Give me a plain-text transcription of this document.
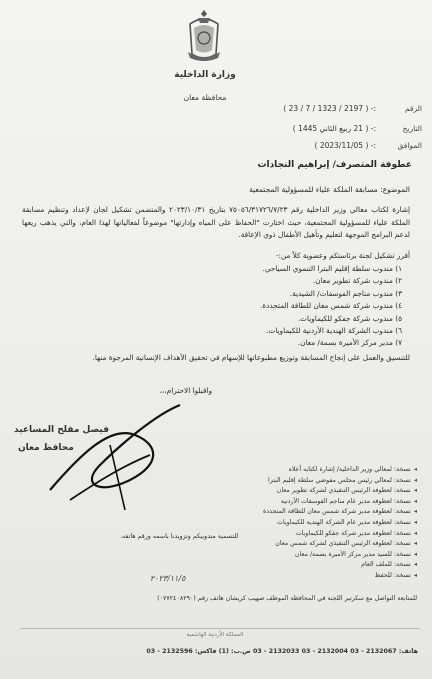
وزارة الداخلية
محافظة معان
الرقم
:- ( 2197 / 1323 / 7 / 23 )
التاريخ
:- ( 21 ربيع الثاني 1445 )
الموافق
:- ( 2023/11/05 )
عطوفة المتصرف/ إبراهيم النجادات
الموضوع: مسابقة الملكة علياء للمسؤولية المجتمعية
إشارة لكتاب معالي وزير الداخلية رقم ٧٥٠٥٦/٣١٧٢٦/٧/٢٣ بتاريخ ٢٠٢٣/١٠/٣١ والمتضمن تشكيل لجان لإعداد وتنظيم مسابقة الملكة علياء للمسؤولية المجتمعية، حيث اختارت "الحفاظ على المياه وإدارتها" موضوعاً لفعالياتها لهذا العام، والتي يذهب ريعها لدعم البرامج الموجهة لتعليم وتأهيل الأطفال ذوي الإعاقة.
أقرر تشكيل لجنة برئاستكم وعضوية كلاً من:-
١) مندوب سلطة إقليم البترا التنموي السياحي.
٢) مندوب شركة تطوير معان.
٣) مندوب مناجم الفوسفات/ الشيدية.
٤) مندوب شركة شمس معان للطاقة المتجددة.
٥) مندوب شركة جفكو للكيماويات.
٦) مندوب الشركة الهندية الأردنية للكيماويات.
٧) مدير مركز الأميرة بسمة/ معان.
للتنسيق والعمل على إنجاح المسابقة وتوزيع مطبوعاتها للإسهام في تحقيق الأهداف الإنسانية المرجوة منها.
واقبلوا الاحترام،،،
فيصل مفلح المساعيد
محافظ معان
◂نسخة: لمعالي وزير الداخلية/ إشارة لكتابه أعلاه
◂نسخة: لمعالي رئيس مجلس مفوضي سلطة إقليم البترا
◂نسخة: لعطوفة الرئيس التنفيذي لشركة تطوير معان
◂نسخة: لعطوفة مدير عام مناجم الفوسفات الأردنية
◂نسخة: لعطوفة مدير شركة شمس معان للطاقة المتجددة
◂نسخة: لعطوفة مدير عام الشركة الهندية للكيماويات
◂نسخة: لعطوفة مدير شركة جفكو للكيماويات
◂نسخة: لعطوفة الرئيس التنفيذي لشركة شمس معان
◂نسخة: للسيد مدير مركز الأميرة بسمة/ معان
◂نسخة: للملف العام
◂نسخة: للحفظ
للتسمية مندوبيكم وتزويدنا باسمه ورقم هاتفه.
٢٠٢٣/١١/٥
للمتابعة التواصل مع سكرتير اللجنة في المحافظة الموظف صهيب كريشان هاتف رقم (٠٧٧٢٤٠٨٢٩٠)
المملكة الأردنية الهاشمية
هاتف: 2132067 - 03 2132004 - 03 2132033 - 03 ص.ب: (1) فاكس: 2132596 - 03
